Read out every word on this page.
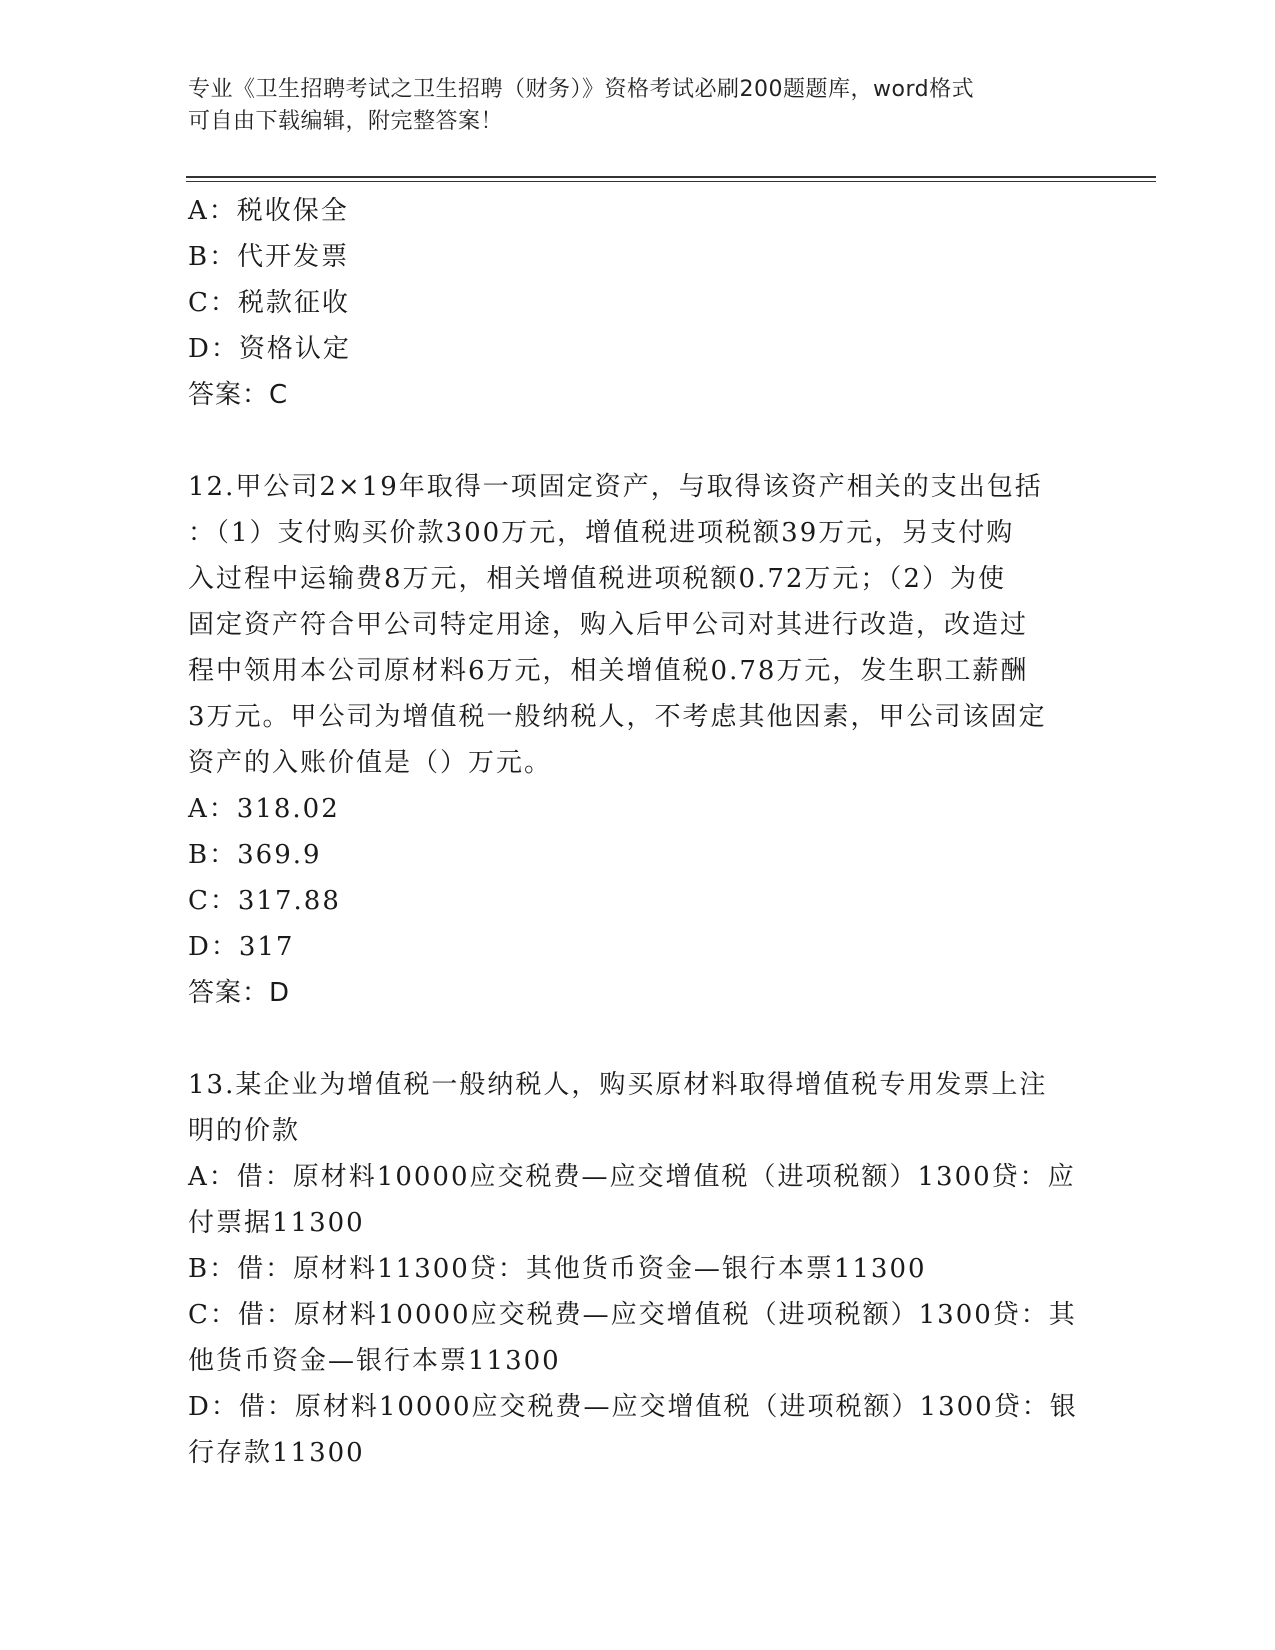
专业《卫生招聘考试之卫生招聘（财务）》资格考试必刷200题题库，word格式
可自由下载编辑，附完整答案！
A：税收保全
B：代开发票
C：税款征收
D：资格认定
答案：C
12.甲公司2×19年取得一项固定资产，与取得该资产相关的支出包括
：（1）支付购买价款300万元，增值税进项税额39万元，另支付购
入过程中运输费8万元，相关增值税进项税额0.72万元；（2）为使
固定资产符合甲公司特定用途，购入后甲公司对其进行改造，改造过
程中领用本公司原材料6万元，相关增值税0.78万元，发生职工薪酬
3万元。甲公司为增值税一般纳税人，不考虑其他因素，甲公司该固定
资产的入账价值是（）万元。
A：318.02
B：369.9
C：317.88
D：317
答案：D
13.某企业为增值税一般纳税人，购买原材料取得增值税专用发票上注
明的价款
A：借：原材料10000应交税费—应交增值税（进项税额）1300贷：应
付票据11300
B：借：原材料11300贷：其他货币资金—银行本票11300
C：借：原材料10000应交税费—应交增值税（进项税额）1300贷：其
他货币资金—银行本票11300
D：借：原材料10000应交税费—应交增值税（进项税额）1300贷：银
行存款11300
